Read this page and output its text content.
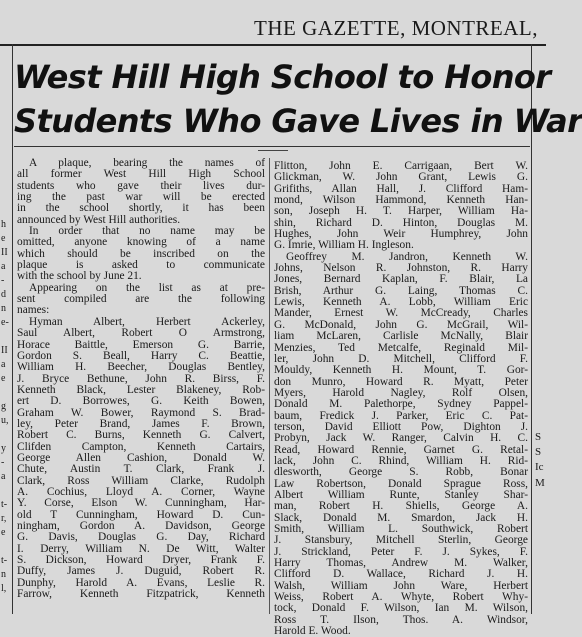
THE GAZETTE, MONTREAL,
h
e
II
a
-
d
n
e-
II
a
e
g
u,
y
-
a
t-
r,
e
t-
n
l,
S
S
Ic
M
West Hill High School to Honor
Students Who Gave Lives in War
A plaque, bearing the names of
all former West Hill High School
students who gave their lives dur-
ing the past war will be erected
in the school shortly, it has been
announced by West Hill authorities.
In order that no name may be
omitted, anyone knowing of a name
which should be inscribed on the
plaque is asked to communicate
with the school by June 21.
Appearing on the list as at pre-
sent compiled are the following
names:
Hyman Albert, Herbert Ackerley,
Saul Albert, Robert O Armstrong,
Horace Baittle, Emerson G. Barrie,
Gordon S. Beall, Harry C. Beattie,
William H. Beecher, Douglas Bentley,
J. Bryce Bethune, John R. Birss, F.
Kenneth Black, Lester Blakeney, Rob-
ert D. Borrowes, G. Keith Bowen,
Graham W. Bower, Raymond S. Brad-
ley, Peter Brand, James F. Brown,
Robert C. Burns, Kenneth G. Calvert,
Clifden Campton, Kenneth Cartairs,
George Allen Cashion, Donald W.
Chute, Austin T. Clark, Frank J.
Clark, Ross William Clarke, Rudolph
A. Cochius, Lloyd A. Corner, Wayne
Y. Corse, Elson W. Cunningham, Har-
old T Cunningham, Howard D. Cun-
ningham, Gordon A. Davidson, George
G. Davis, Douglas G. Day, Richard
I. Derry, William N. De Witt, Walter
S. Dickson, Howard Dryer, Frank F.
Duffy, James J. Duguid, Robert R.
Dunphy, Harold A. Evans, Leslie R.
Farrow, Kenneth Fitzpatrick, Kenneth
Flitton, John E. Carrigaan, Bert W.
Glickman, W. John Grant, Lewis G.
Grifiths, Allan Hall, J. Clifford Ham-
mond, Wilson Hammond, Kenneth Han-
son, Joseph H. T. Harper, William Ha-
shin, Richard D. Hinton, Douglas M.
Hughes, John Weir Humphrey, John
G. Imrie, William H. Ingleson.
Geoffrey M. Jandron, Kenneth W.
Johns, Nelson R. Johnston, R. Harry
Jones, Bernard Kaplan, F. Blair, La
Brish, Arthur G. Laing, Thomas C.
Lewis, Kenneth A. Lobb, William Eric
Mander, Ernest W. McCready, Charles
G. McDonald, John G. McGrail, Wil-
liam McLaren, Carlisle McNally, Blair
Menzies, Ted Metcalfe, Reginald Mil-
ler, John D. Mitchell, Clifford F.
Mouldy, Kenneth H. Mount, T. Gor-
don Munro, Howard R. Myatt, Peter
Myers, Harold Nagley, Rolf Olsen,
Donald M. Palethorpe, Sydney Pappel-
baum, Fredick J. Parker, Eric C. Pat-
terson, David Elliott Pow, Dighton J.
Probyn, Jack W. Ranger, Calvin H. C.
Read, Howard Rennie, Garnet G. Retal-
lack, John C. Rhind, William H. Rid-
dlesworth, George S. Robb, Bonar
Law Robertson, Donald Sprague Ross,
Albert William Runte, Stanley Shar-
man, Robert H. Shiells, George A.
Slack, Donald M. Smardon, Jack H.
Smith, William L. Southwick, Robert
J. Stansbury, Mitchell Sterlin, George
J. Strickland, Peter F. J. Sykes, F.
Harry Thomas, Andrew M. Walker,
Clifford D. Wallace, Richard J. H.
Walsh, William John Ware, Herbert
Weiss, Robert A. Whyte, Robert Why-
tock, Donald F. Wilson, Ian M. Wilson,
Ross T. Ilson, Thos. A. Windsor,
Harold E. Wood.
